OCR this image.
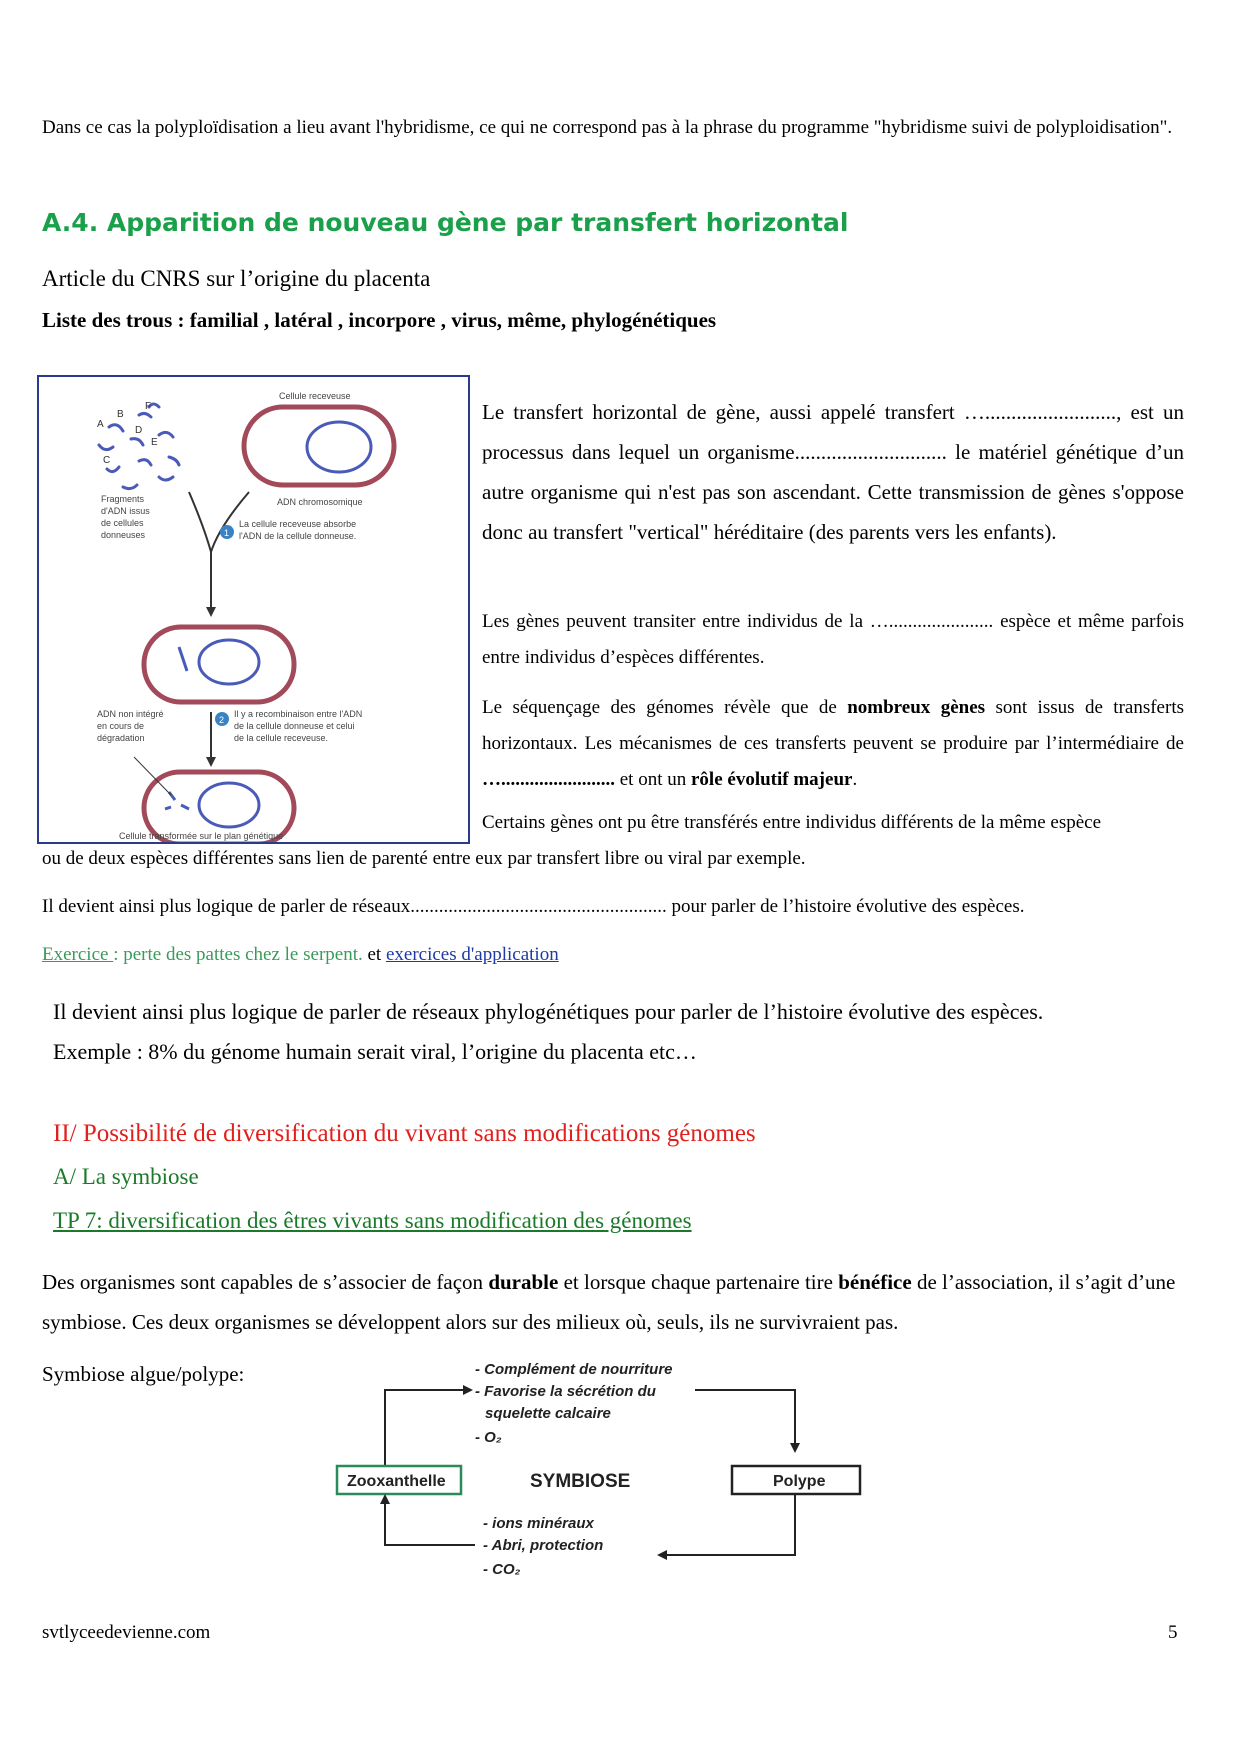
Dans ce cas la polyploïdisation a lieu avant l'hybridisme, ce qui ne correspond pas à la phrase du programme "hybridisme suivi de polyploidisation".
A.4. Apparition de nouveau gène par transfert horizontal
Article du CNRS sur l’origine du placenta
Liste des trous : familial , latéral , incorpore , virus, même, phylogénétiques
A
B
C
D
E
F
Fragments d'ADN issus de cellules donneuses
Cellule receveuse
ADN chromosomique
1
La cellule receveuse absorbe l'ADN de la cellule donneuse.
2
Il y a recombinaison entre l'ADN de la cellule donneuse et celui de la cellule receveuse.
ADN non intégré en cours de dégradation
Cellule transformée sur le plan génétique
Le transfert horizontal de gène, aussi appelé transfert …........................., est un processus dans lequel un organisme............................. le matériel génétique d’un autre organisme qui n'est pas son ascendant. Cette transmission de gènes s'oppose donc au transfert "vertical" héréditaire (des parents vers les enfants).
Les gènes peuvent transiter entre individus de la …...................... espèce et même parfois entre individus d’espèces différentes.
Le séquençage des génomes révèle que de nombreux gènes sont issus de transferts horizontaux. Les mécanismes de ces transferts peuvent se produire par l’intermédiaire de …........................ et ont un rôle évolutif majeur.
Certains gènes ont pu être transférés entre individus différents de la même espèce
ou de deux espèces différentes sans lien de parenté entre eux par transfert libre ou viral par exemple.
Il devient ainsi plus logique de parler de réseaux...................................................... pour parler de l’histoire évolutive des espèces.
Exercice : perte des pattes chez le serpent. et exercices d'application
Il devient ainsi plus logique de parler de réseaux phylogénétiques pour parler de l’histoire évolutive des espèces. Exemple : 8% du génome humain serait viral, l’origine du placenta etc…
II/ Possibilité de diversification du vivant sans modifications génomes
A/ La symbiose
TP 7: diversification des êtres vivants sans modification des génomes
Des organismes sont capables de s’associer de façon durable et lorsque chaque partenaire tire bénéfice de l’association, il s’agit d’une symbiose. Ces deux organismes se développent alors sur des milieux où, seuls, ils ne survivraient pas.
Symbiose algue/polype:	- Complément de nourriture
- Favorise la sécrétion du
squelette calcaire
- O₂
Zooxanthelle	SYMBIOSE	Polype
- ions minéraux
- Abri, protection
- CO₂
svtlyceedevienne.com	5
